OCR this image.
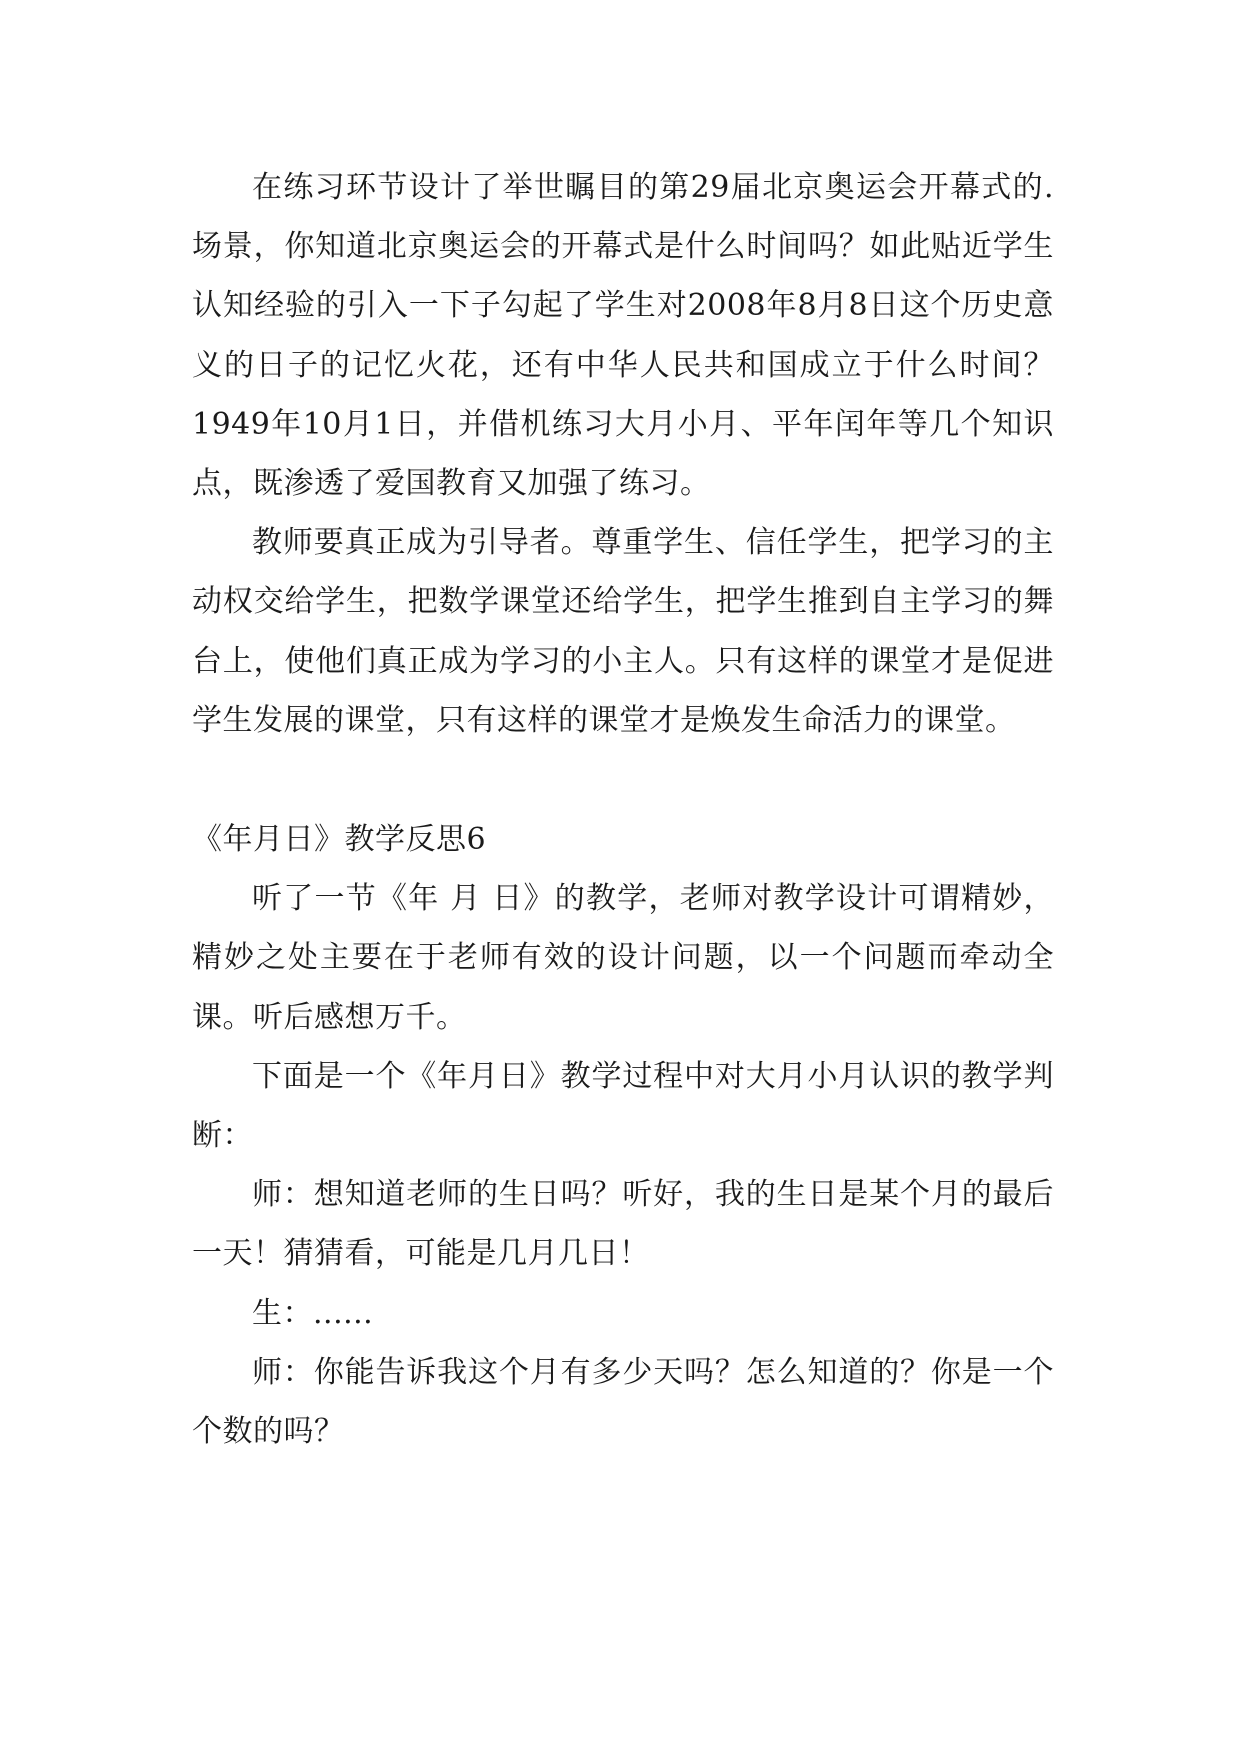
在练习环节设计了举世瞩目的第29届北京奥运会开幕式的.场景，你知道北京奥运会的开幕式是什么时间吗？如此贴近学生认知经验的引入一下子勾起了学生对2008年8月8日这个历史意义的日子的记忆火花，还有中华人民共和国成立于什么时间？1949年10月1日，并借机练习大月小月、平年闰年等几个知识点，既渗透了爱国教育又加强了练习。

教师要真正成为引导者。尊重学生、信任学生，把学习的主动权交给学生，把数学课堂还给学生，把学生推到自主学习的舞台上，使他们真正成为学习的小主人。只有这样的课堂才是促进学生发展的课堂，只有这样的课堂才是焕发生命活力的课堂。

《年月日》教学反思6

听了一节《年 月 日》的教学，老师对教学设计可谓精妙，精妙之处主要在于老师有效的设计问题，以一个问题而牵动全课。听后感想万千。

下面是一个《年月日》教学过程中对大月小月认识的教学判断：

师：想知道老师的生日吗？听好，我的生日是某个月的最后一天！猜猜看，可能是几月几日！

生：......

师：你能告诉我这个月有多少天吗？怎么知道的？你是一个个数的吗？
